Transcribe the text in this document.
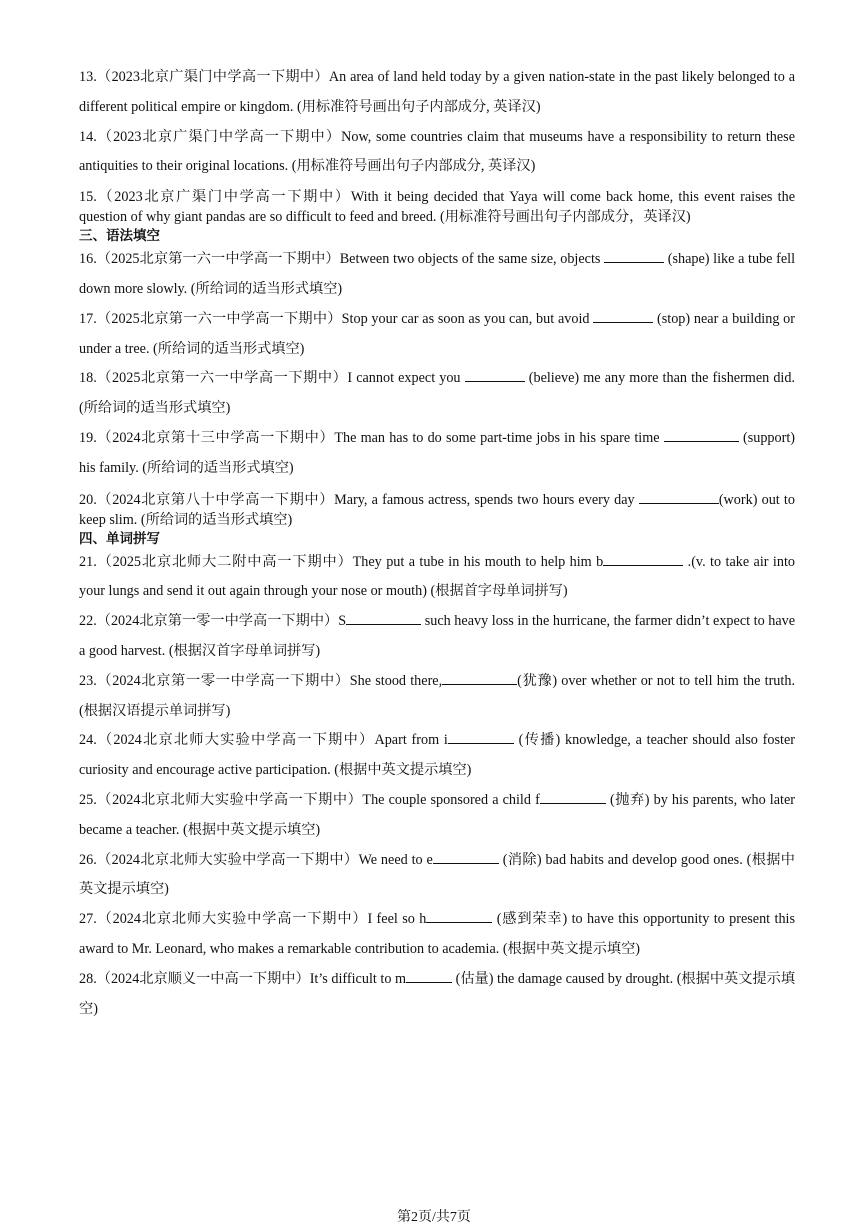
13.（2023北京广渠门中学高一下期中）An area of land held today by a given nation-state in the past likely belonged to a different political empire or kingdom. (用标准符号画出句子内部成分, 英译汉)

14.（2023北京广渠门中学高一下期中）Now, some countries claim that museums have a responsibility to return these antiquities to their original locations. (用标准符号画出句子内部成分, 英译汉)

15.（2023北京广渠门中学高一下期中）With it being decided that Yaya will come back home, this event raises the question of why giant pandas are so difficult to feed and breed. (用标准符号画出句子内部成分，英译汉)

三、语法填空

16.（2025北京第一六一中学高一下期中）Between two objects of the same size, objects	(shape) like a tube fell down more slowly. (所给词的适当形式填空)

17.（2025北京第一六一中学高一下期中）Stop your car as soon as you can, but avoid	(stop) near a building or under a tree. (所给词的适当形式填空)

18.（2025北京第一六一中学高一下期中）I cannot expect you	(believe) me any more than the fishermen did. (所给词的适当形式填空)

19.（2024北京第十三中学高一下期中）The man has to do some part-time jobs in his spare time	(support) his family. (所给词的适当形式填空)

20.（2024北京第八十中学高一下期中）Mary, a famous actress, spends two hours every day	(work) out to keep slim. (所给词的适当形式填空)

四、单词拼写

21.（2025北京北师大二附中高一下期中）They put a tube in his mouth to help him b	.(v. to take air into your lungs and send it out again through your nose or mouth) (根据首字母单词拼写)

22.（2024北京第一零一中学高一下期中）S	such heavy loss in the hurricane, the farmer didn’t expect to have a good harvest. (根据汉首字母单词拼写)

23.（2024北京第一零一中学高一下期中）She stood there,	(犹豫) over whether or not to tell him the truth. (根据汉语提示单词拼写)

24.（2024北京北师大实验中学高一下期中）Apart from i	(传播) knowledge, a teacher should also foster curiosity and encourage active participation. (根据中英文提示填空)

25.（2024北京北师大实验中学高一下期中）The couple sponsored a child f	(抛弃) by his parents, who later became a teacher. (根据中英文提示填空)

26.（2024北京北师大实验中学高一下期中）We need to e	(消除) bad habits and develop good ones. (根据中英文提示填空)

27.（2024北京北师大实验中学高一下期中）I feel so h	(感到荣幸) to have this opportunity to present this award to Mr. Leonard, who makes a remarkable contribution to academia. (根据中英文提示填空)

28.（2024北京顺义一中高一下期中）It’s difficult to m	(估量) the damage caused by drought. (根据中英文提示填空)

第2页/共7页
